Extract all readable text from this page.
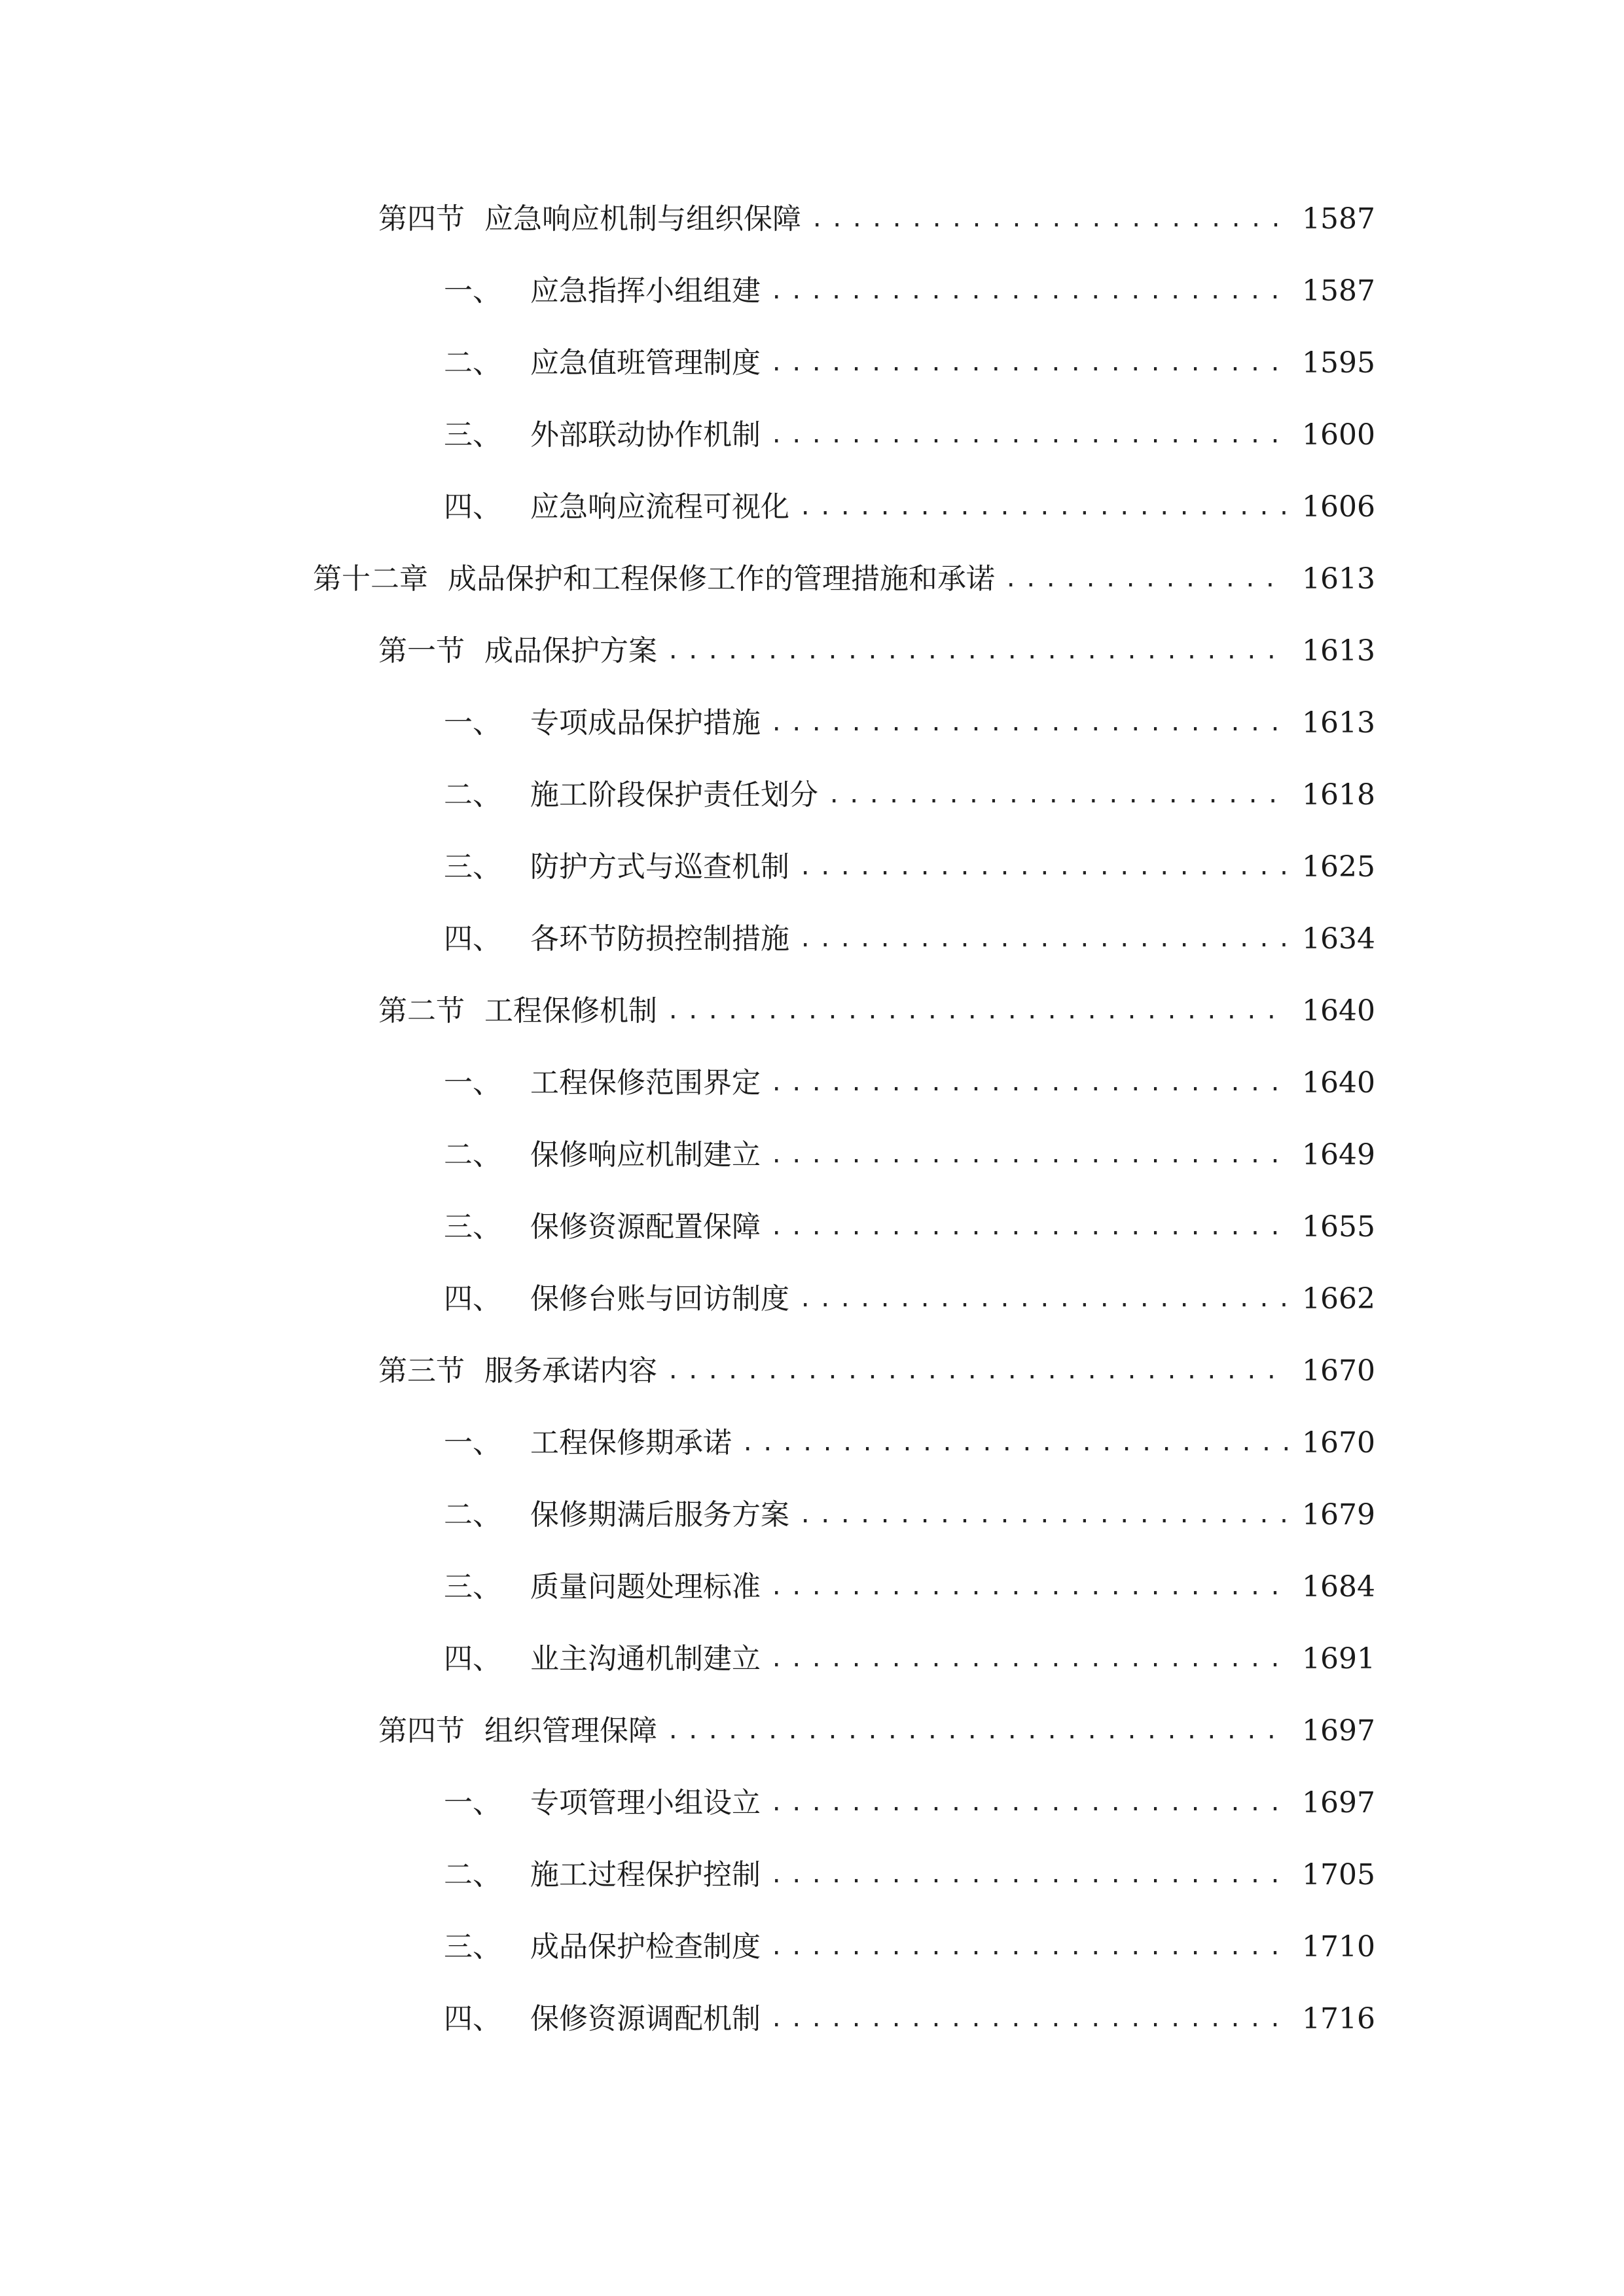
第四节 应急响应机制与组织保障 .....	1587
一、 应急指挥小组组建 .....	1587
二、 应急值班管理制度 .....	1595
三、 外部联动协作机制 .....	1600
四、 应急响应流程可视化 .....	1606
第十二章 成品保护和工程保修工作的管理措施和承诺 .....	1613
第一节 成品保护方案 .....	1613
一、 专项成品保护措施 .....	1613
二、 施工阶段保护责任划分 .....	1618
三、 防护方式与巡查机制 .....	1625
四、 各环节防损控制措施 .....	1634
第二节 工程保修机制 .....	1640
一、 工程保修范围界定 .....	1640
二、 保修响应机制建立 .....	1649
三、 保修资源配置保障 .....	1655
四、 保修台账与回访制度 .....	1662
第三节 服务承诺内容 .....	1670
一、 工程保修期承诺 .....	1670
二、 保修期满后服务方案 .....	1679
三、 质量问题处理标准 .....	1684
四、 业主沟通机制建立 .....	1691
第四节 组织管理保障 .....	1697
一、 专项管理小组设立 .....	1697
二、 施工过程保护控制 .....	1705
三、 成品保护检查制度 .....	1710
四、 保修资源调配机制 .....	1716
